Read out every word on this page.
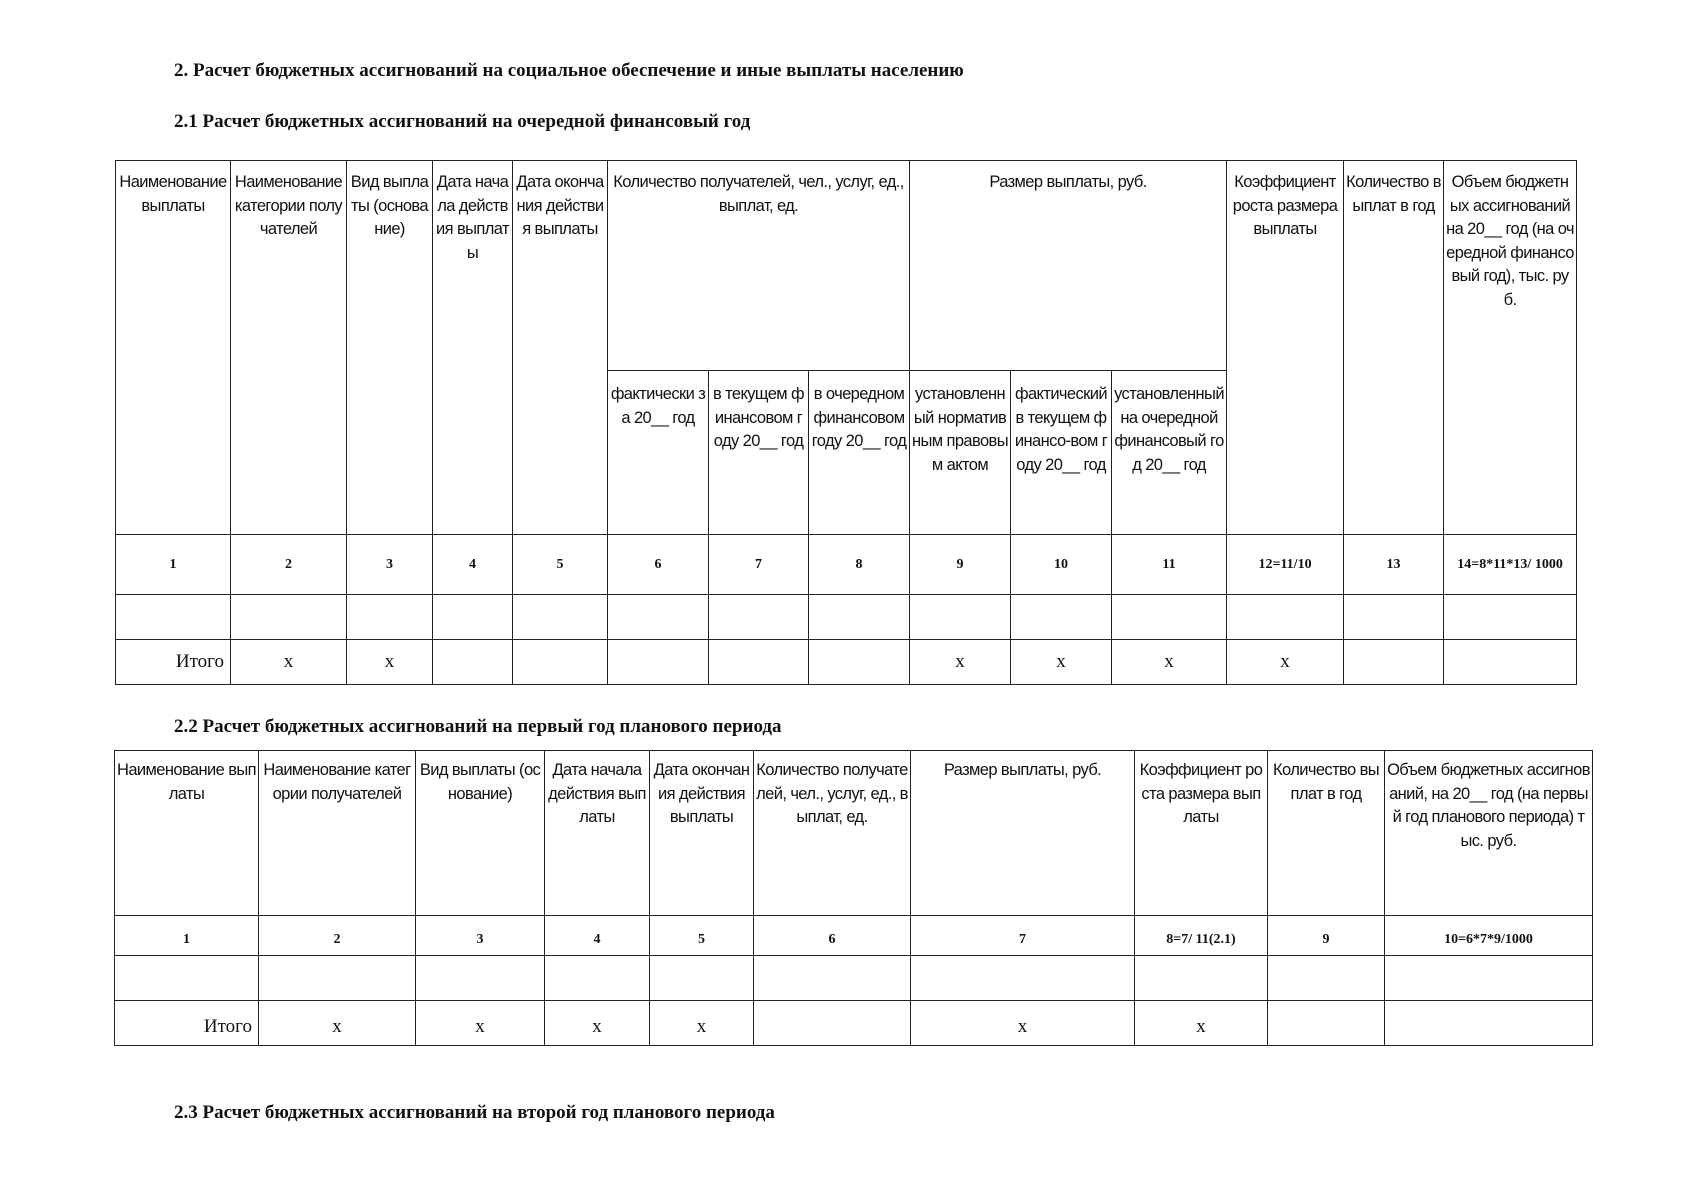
2. Расчет бюджетных ассигнований на социальное обеспечение и иные выплаты населению
2.1 Расчет бюджетных ассигнований на очередной финансовый год
Наименование выплаты	Наименование категории получателей	Вид выплаты (основание)	Дата начала действия выплаты	Дата окончания действия выплаты	Количество получателей, чел., услуг, ед., выплат, ед.			Размер выплаты, руб.			Коэффициент роста размера выплаты	Количество выплат в год	Объем бюджетных ассигнований на 20__ год (на очередной финансовый год), тыс. руб.
					фактически за 20__ год	в текущем финансовом году 20__ год	в очередном финансовом году 20__ год	установленный нормативным правовым актом	фактический в текущем финансо-вом году 20__ год	установленный на очередной финансовый год 20__ год			
1	2	3	4	5	6	7	8	9	10	11	12=11/10	13	14=8*11*13/ 1000

Итого	x	x						x	x	x	x		
2.2 Расчет бюджетных ассигнований на первый год планового периода
Наименование выплаты	Наименование категории получателей	Вид выплаты (основание)	Дата начала действия выплаты	Дата окончания действия выплаты	Количество получателей, чел., услуг, ед., выплат, ед.	Размер выплаты, руб.	Коэффициент роста размера выплаты	Количество выплат в год	Объем бюджетных ассигнований, на 20__ год (на первый год планового периода) тыс. руб.
1	2	3	4	5	6	7	8=7/ 11(2.1)	9	10=6*7*9/1000

Итого	x	x	x	x		x	x		
2.3 Расчет бюджетных ассигнований на второй год планового периода
